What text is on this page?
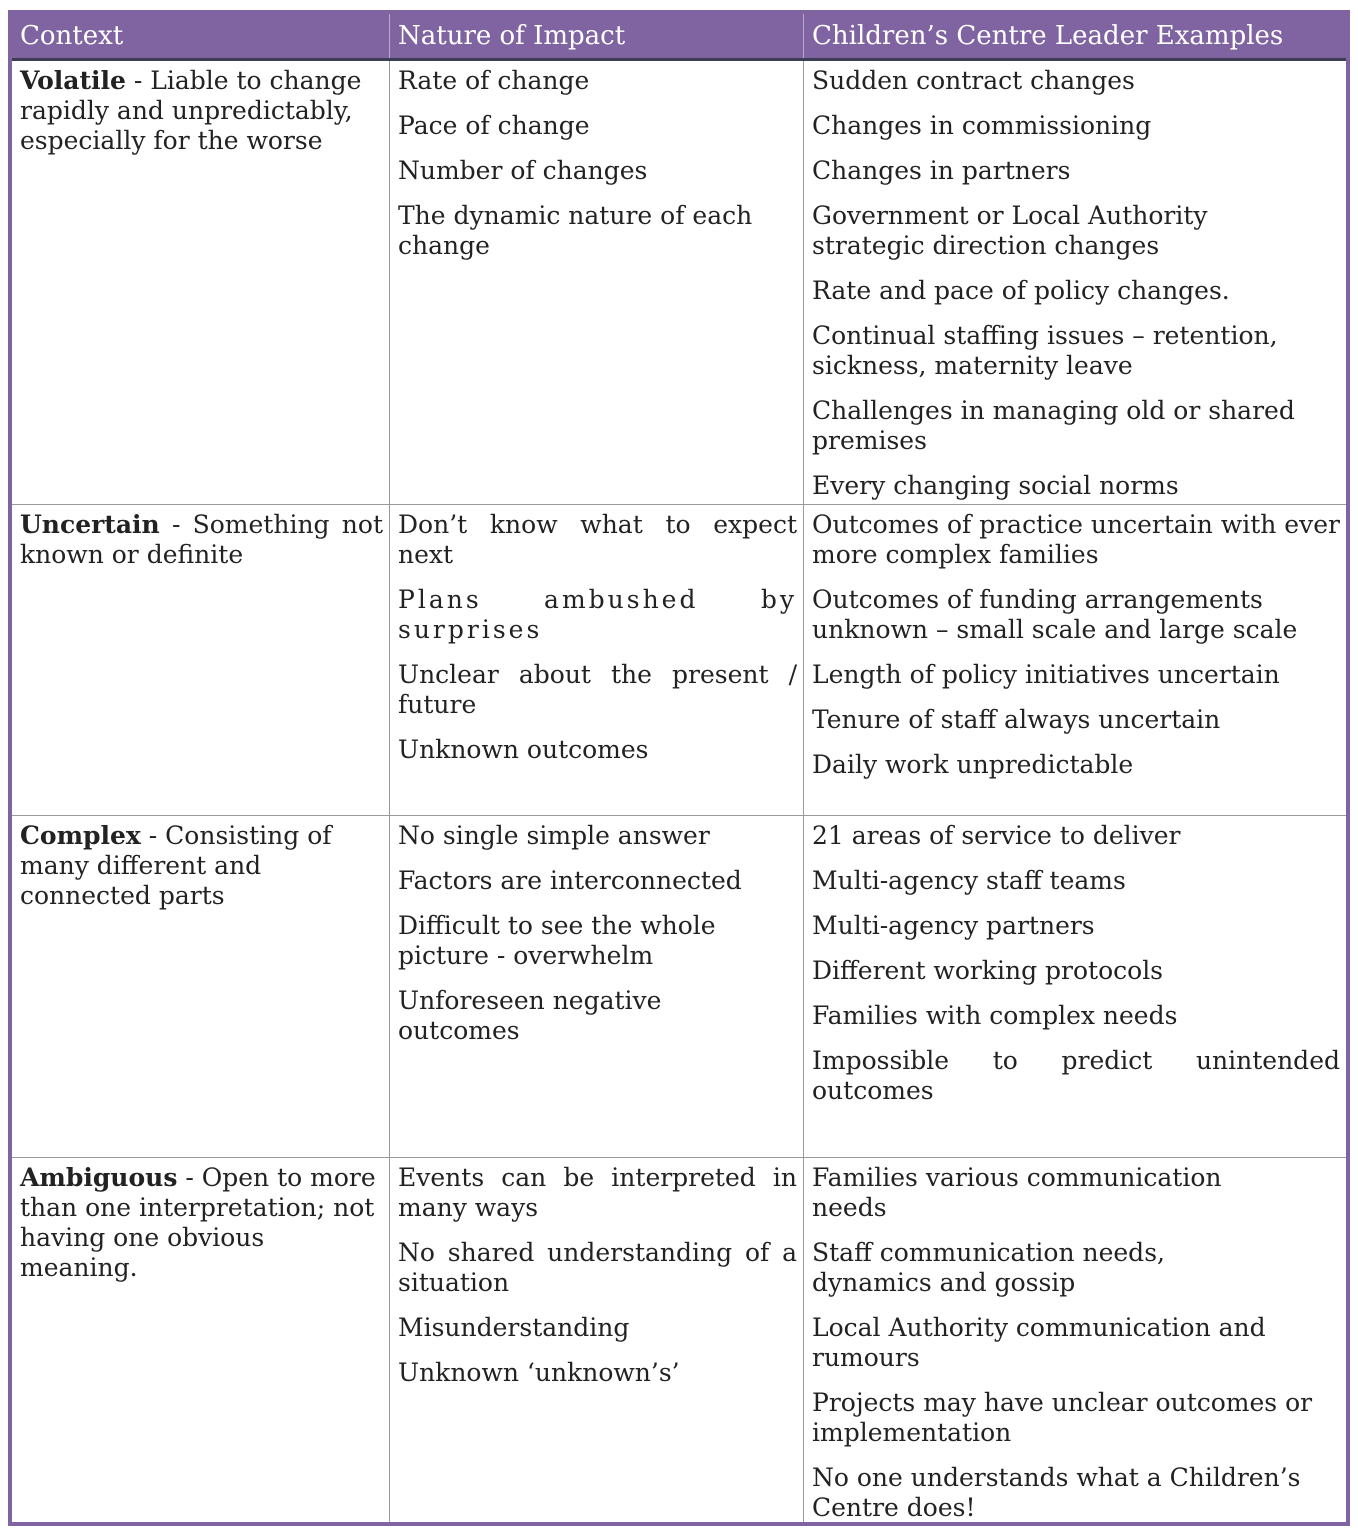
Context	Nature of Impact	Children’s Centre Leader Examples
Volatile - Liable to change rapidly and unpredictably, especially for the worse
Rate of change
Pace of change
Number of changes
The dynamic nature of each change
Sudden contract changes
Changes in commissioning
Changes in partners
Government or Local Authority strategic direction changes
Rate and pace of policy changes.
Continual staffing issues – retention, sickness, maternity leave
Challenges in managing old or shared premises
Every changing social norms
Uncertain - Something not known or definite
Don’t know what to expect next
Plans ambushed by surprises
Unclear about the present / future
Unknown outcomes
Outcomes of practice uncertain with ever more complex families
Outcomes of funding arrangements unknown – small scale and large scale
Length of policy initiatives uncertain
Tenure of staff always uncertain
Daily work unpredictable
Complex - Consisting of many different and connected parts
No single simple answer
Factors are interconnected
Difficult to see the whole picture - overwhelm
Unforeseen negative outcomes
21 areas of service to deliver
Multi-agency staff teams
Multi-agency partners
Different working protocols
Families with complex needs
Impossible to predict unintended outcomes
Ambiguous - Open to more than one interpretation; not having one obvious meaning.
Events can be interpreted in many ways
No shared understanding of a situation
Misunderstanding
Unknown ‘unknown’s’
Families various communication needs
Staff communication needs, dynamics and gossip
Local Authority communication and rumours
Projects may have unclear outcomes or implementation
No one understands what a Children’s Centre does!
